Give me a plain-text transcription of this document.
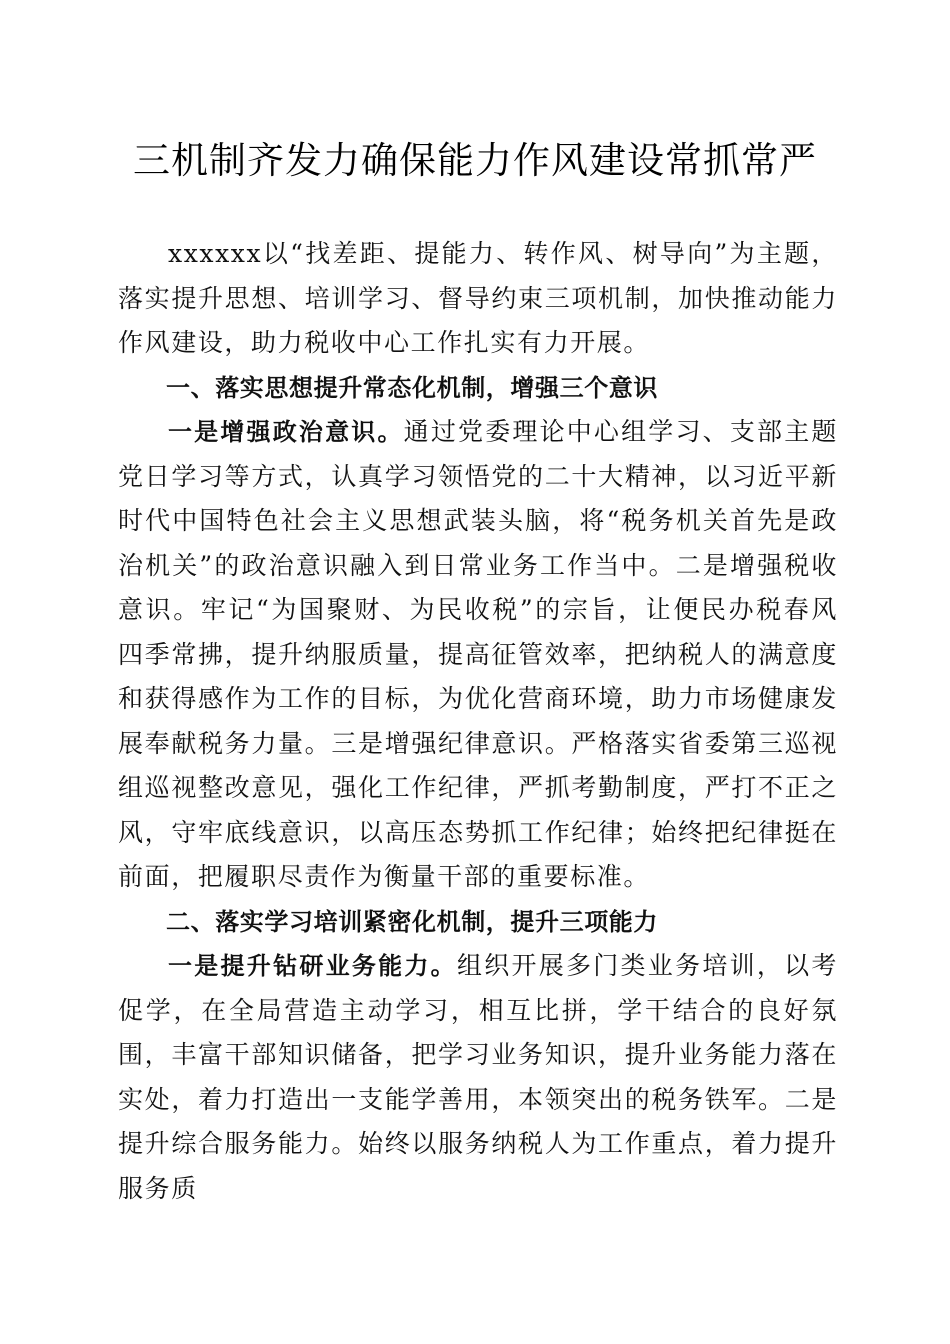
三机制齐发力确保能力作风建设常抓常严

xxxxxx以“找差距、提能力、转作风、树导向”为主题，落实提升思想、培训学习、督导约束三项机制，加快推动能力作风建设，助力税收中心工作扎实有力开展。

一、落实思想提升常态化机制，增强三个意识

一是增强政治意识。通过党委理论中心组学习、支部主题党日学习等方式，认真学习领悟党的二十大精神，以习近平新时代中国特色社会主义思想武装头脑，将“税务机关首先是政治机关”的政治意识融入到日常业务工作当中。二是增强税收意识。牢记“为国聚财、为民收税”的宗旨，让便民办税春风四季常拂，提升纳服质量，提高征管效率，把纳税人的满意度和获得感作为工作的目标，为优化营商环境，助力市场健康发展奉献税务力量。三是增强纪律意识。严格落实省委第三巡视组巡视整改意见，强化工作纪律，严抓考勤制度，严打不正之风，守牢底线意识，以高压态势抓工作纪律；始终把纪律挺在前面，把履职尽责作为衡量干部的重要标准。

二、落实学习培训紧密化机制，提升三项能力

一是提升钻研业务能力。组织开展多门类业务培训，以考促学，在全局营造主动学习，相互比拼，学干结合的良好氛围，丰富干部知识储备，把学习业务知识，提升业务能力落在实处，着力打造出一支能学善用，本领突出的税务铁军。二是提升综合服务能力。始终以服务纳税人为工作重点，着力提升服务质
